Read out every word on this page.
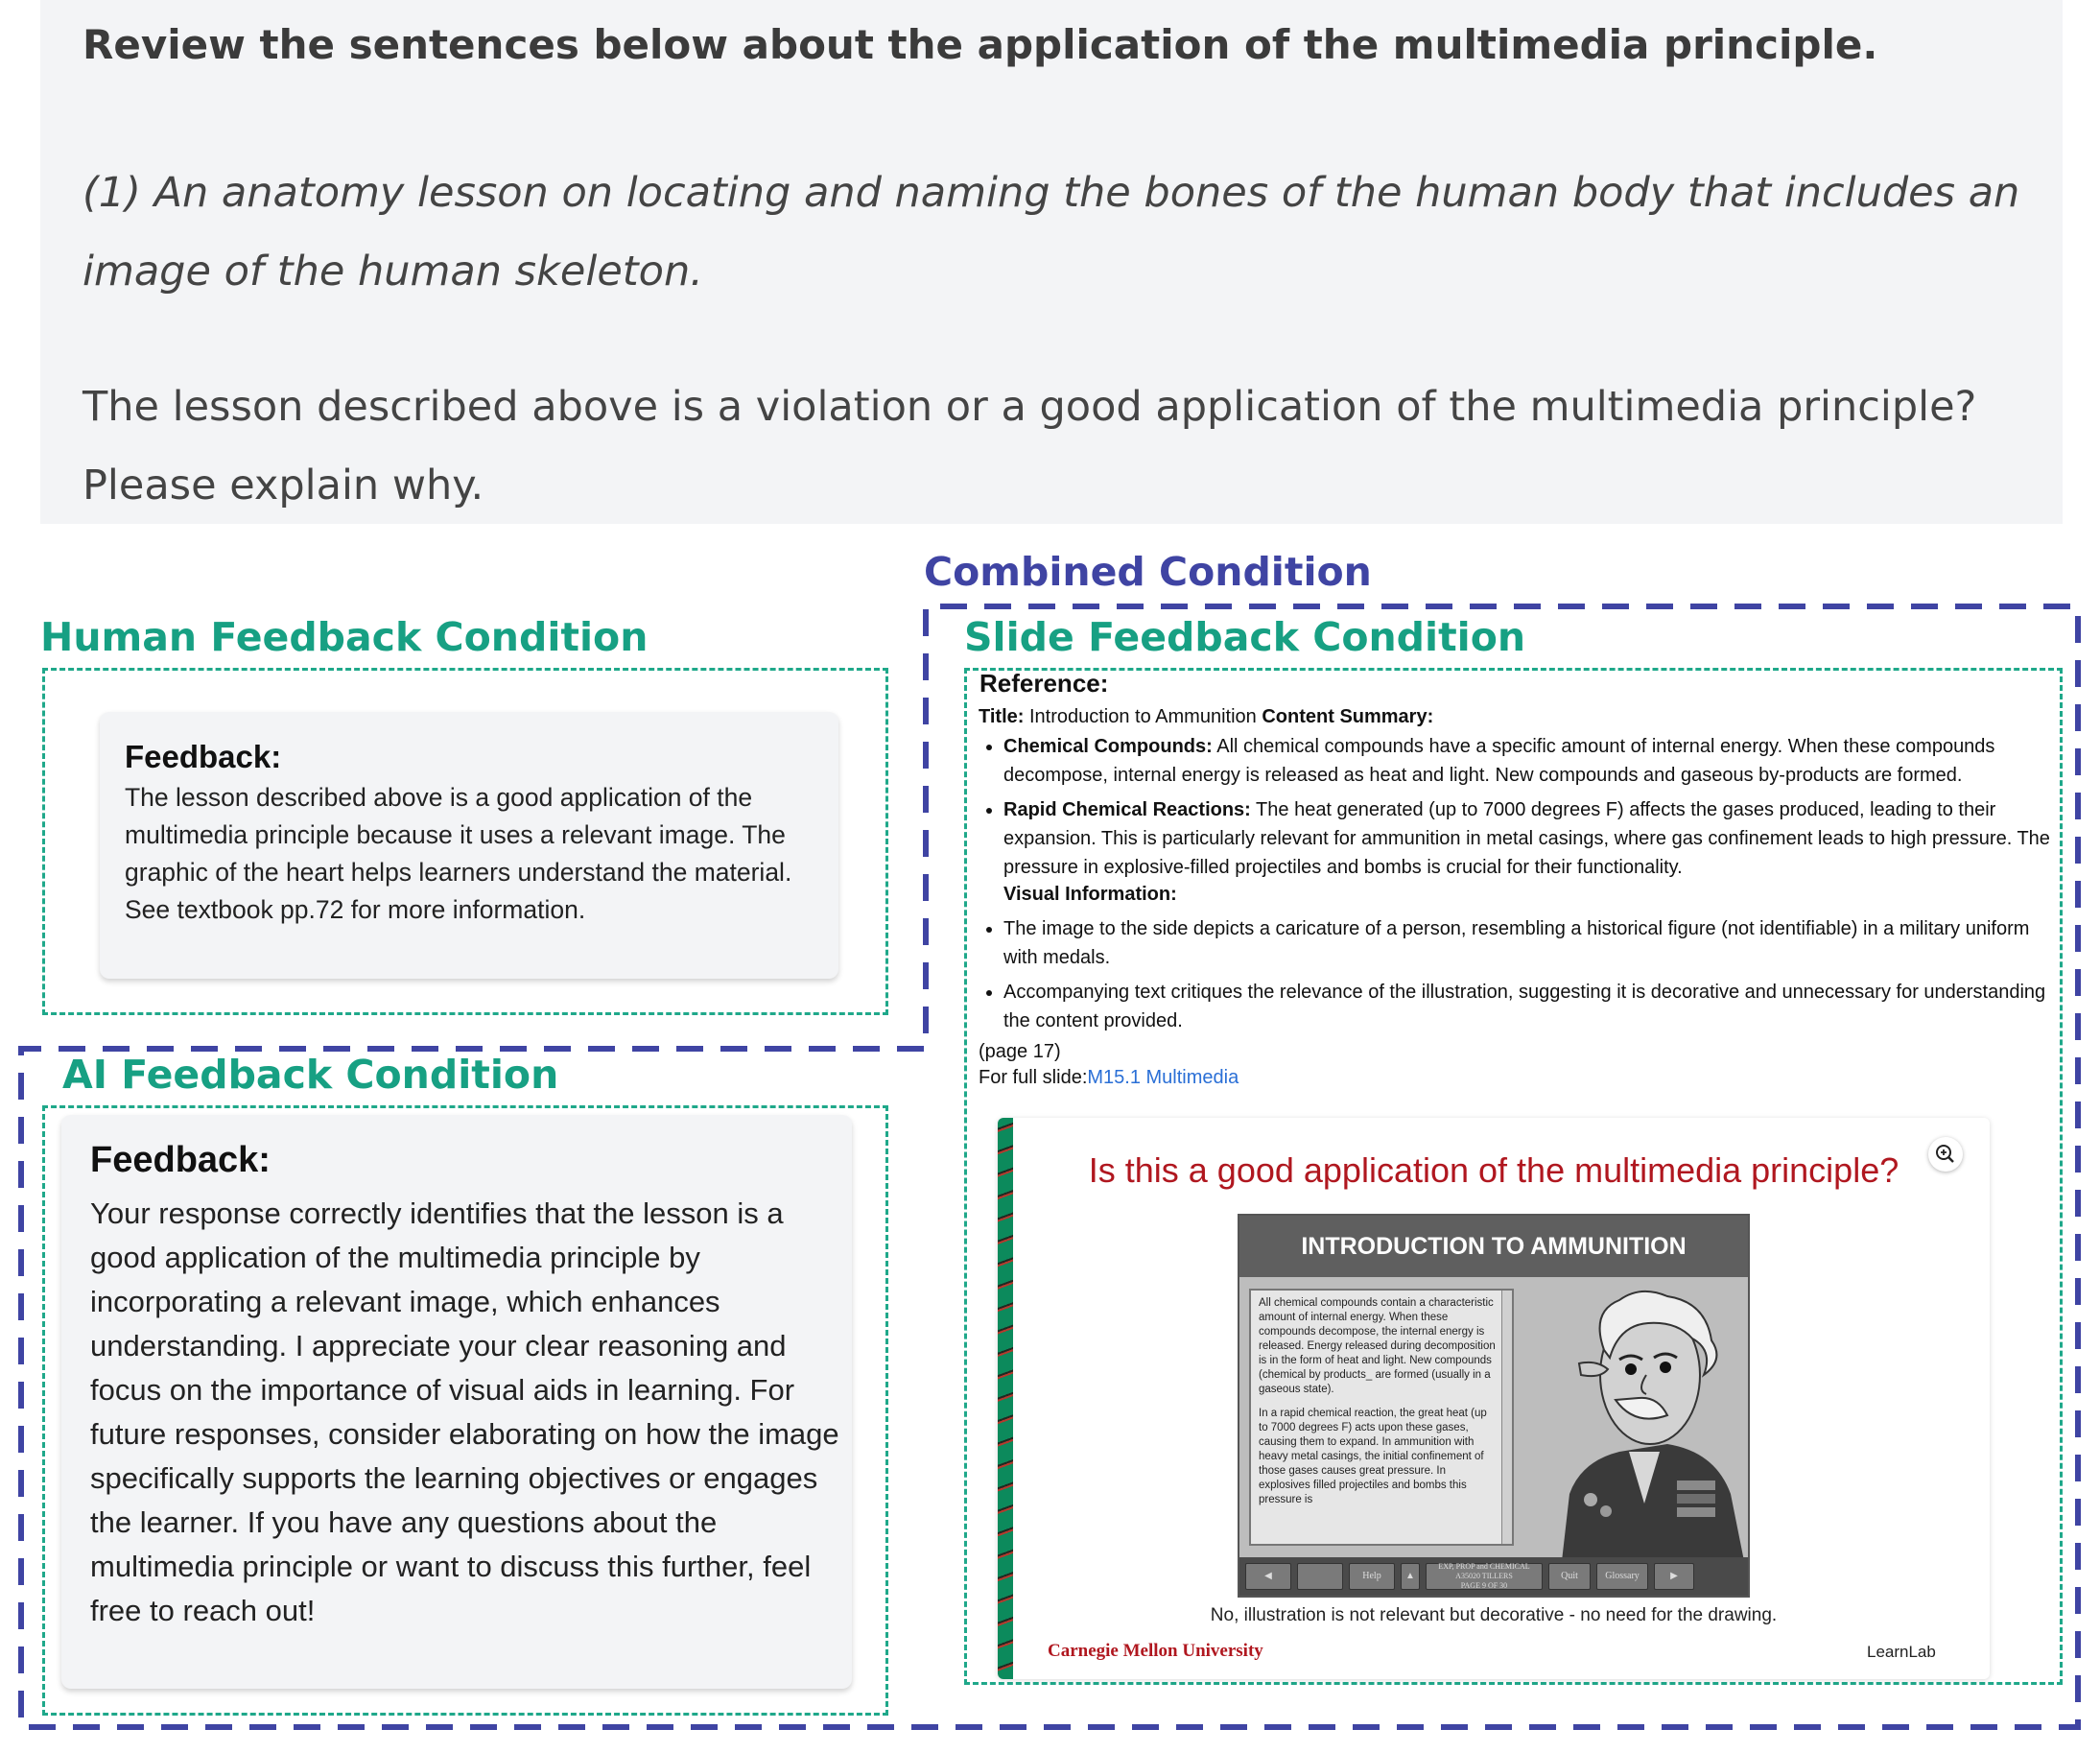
Review the sentences below about the application of the multimedia principle.
(1) An anatomy lesson on locating and naming the bones of the human body that includes an image of the human skeleton.
The lesson described above is a violation or a good application of the multimedia principle? Please explain why.
Combined Condition
Human Feedback Condition	Slide Feedback Condition
AI Feedback Condition
Feedback:
The lesson described above is a good application of the multimedia principle because it uses a relevant image. The graphic of the heart helps learners understand the material. See textbook pp.72 for more information.
Feedback:
Your response correctly identifies that the lesson is a good application of the multimedia principle by incorporating a relevant image, which enhances understanding. I appreciate your clear reasoning and focus on the importance of visual aids in learning. For future responses, consider elaborating on how the image specifically supports the learning objectives or engages the learner. If you have any questions about the multimedia principle or want to discuss this further, feel free to reach out!
Reference:
Title: Introduction to Ammunition Content Summary:
• Chemical Compounds: All chemical compounds have a specific amount of internal energy. When these compounds decompose, internal energy is released as heat and light. New compounds and gaseous by-products are formed.
• Rapid Chemical Reactions: The heat generated (up to 7000 degrees F) affects the gases produced, leading to their expansion. This is particularly relevant for ammunition in metal casings, where gas confinement leads to high pressure. The pressure in explosive-filled projectiles and bombs is crucial for their functionality.
Visual Information:
• The image to the side depicts a caricature of a person, resembling a historical figure (not identifiable) in a military uniform with medals.
• Accompanying text critiques the relevance of the illustration, suggesting it is decorative and unnecessary for understanding the content provided.
(page 17)
For full slide:M15.1 Multimedia
Is this a good application of the multimedia principle?
INTRODUCTION TO AMMUNITION

All chemical compounds contain a characteristic amount of internal energy. When these compounds decompose, the internal energy is released. Energy released during decomposition is in the form of heat and light. New compounds (chemical by products_ are formed (usually in a gaseous state).

In a rapid chemical reaction, the great heat (up to 7000 degrees F) acts upon these gases, causing them to expand. In ammunition with heavy metal casings, the initial confinement of those gases causes great pressure. In explosives filled projectiles and bombs this pressure is

◀	Help	▲
EXP, PROP and CHEMICAL A35020 TILLERS
PAGE 9 OF 30
Quit	Glossary	▶
No, illustration is not relevant but decorative - no need for the drawing.
Carnegie Mellon University	LearnLab
